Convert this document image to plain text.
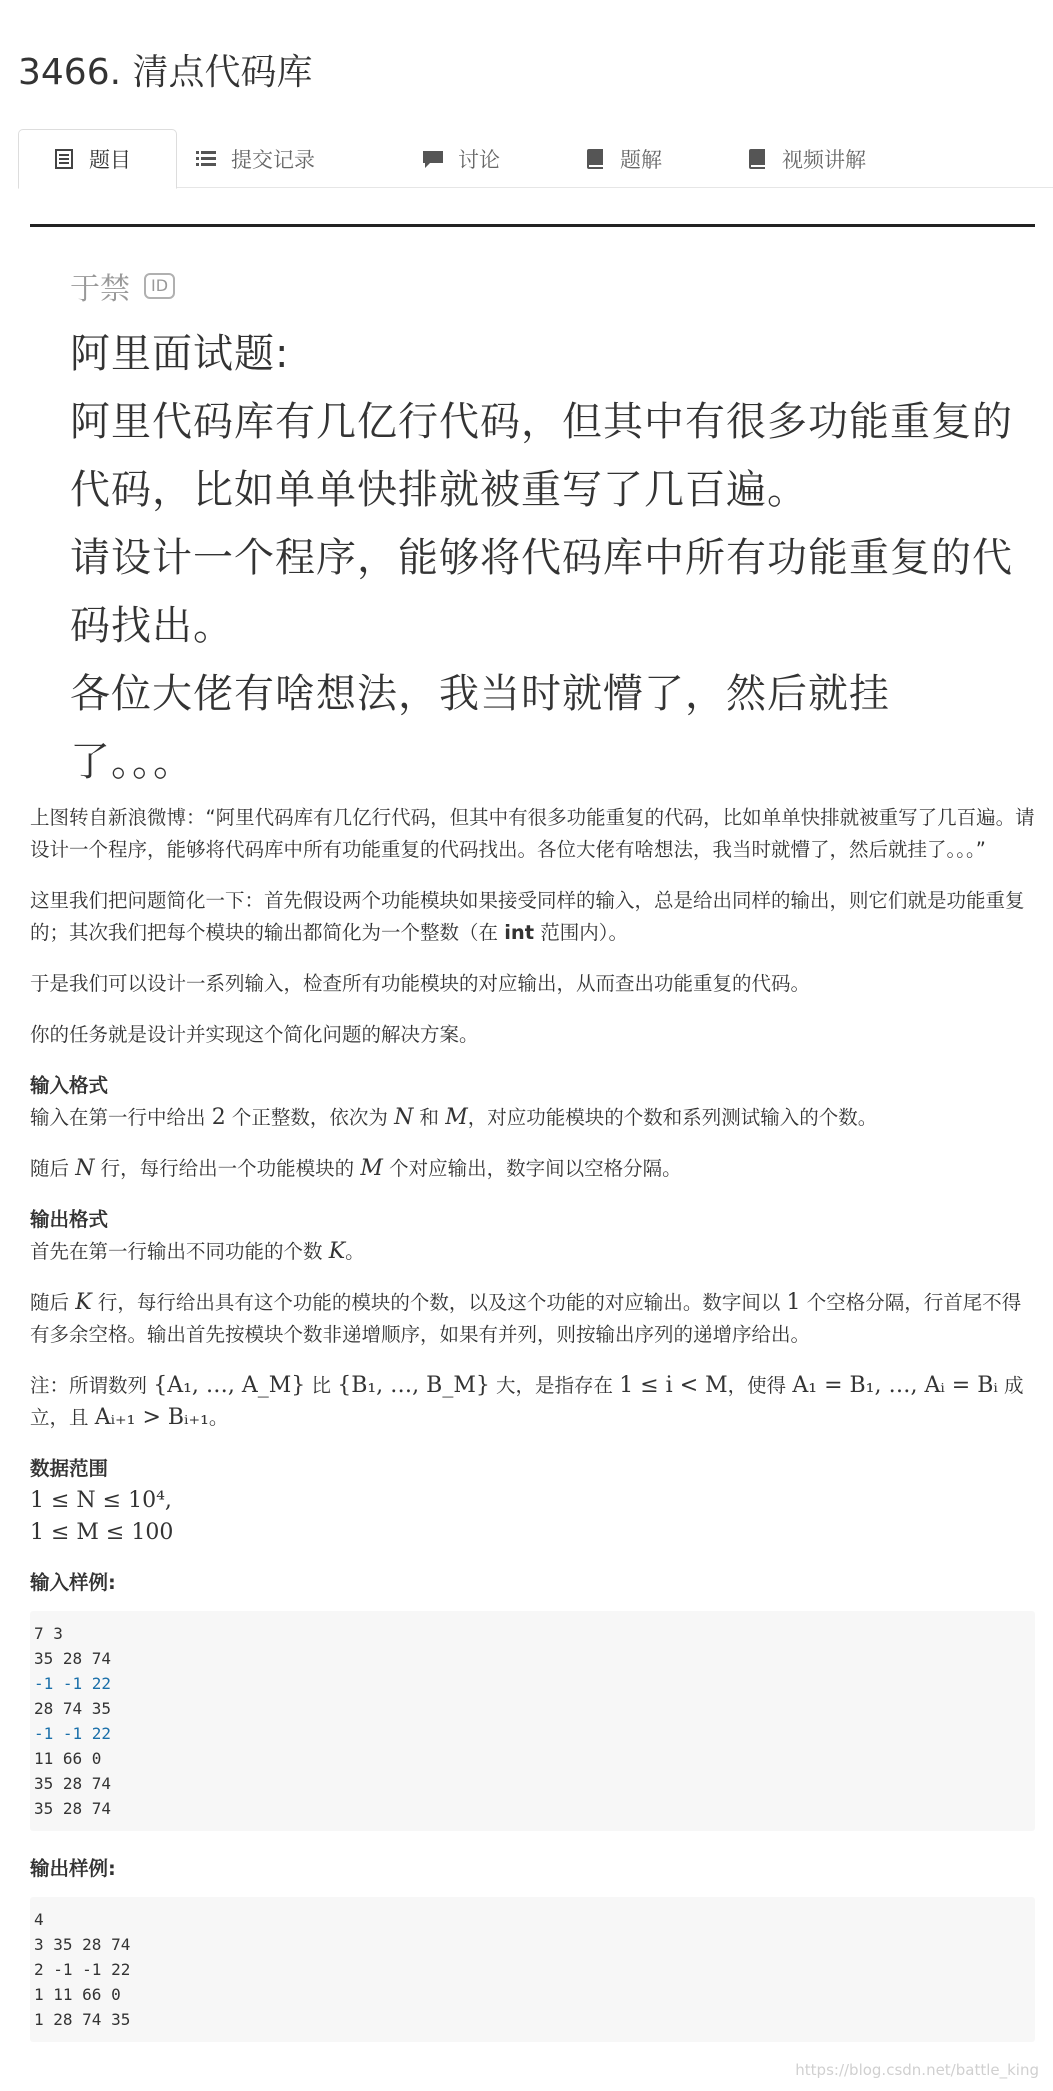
3466. 清点代码库
题目	提交记录	讨论	题解	视频讲解
于禁	ID
阿里面试题:
阿里代码库有几亿行代码，但其中有很多功能重复的
代码，比如单单快排就被重写了几百遍。
请设计一个程序，能够将代码库中所有功能重复的代
码找出。
各位大佬有啥想法，我当时就懵了，然后就挂
了。。。

上图转自新浪微博：“阿里代码库有几亿行代码，但其中有很多功能重复的代码，比如单单快排就被重写了几百遍。请设计一个程序，能够将代码库中所有功能重复的代码找出。各位大佬有啥想法，我当时就懵了，然后就挂了。。。”

这里我们把问题简化一下：首先假设两个功能模块如果接受同样的输入，总是给出同样的输出，则它们就是功能重复的；其次我们把每个模块的输出都简化为一个整数（在 int 范围内）。

于是我们可以设计一系列输入，检查所有功能模块的对应输出，从而查出功能重复的代码。

你的任务就是设计并实现这个简化问题的解决方案。

输入格式

输入在第一行中给出 2 个正整数，依次为 N 和 M，对应功能模块的个数和系列测试输入的个数。

随后 N 行，每行给出一个功能模块的 M 个对应输出，数字间以空格分隔。

输出格式

首先在第一行输出不同功能的个数 K。

随后 K 行，每行给出具有这个功能的模块的个数，以及这个功能的对应输出。数字间以 1 个空格分隔，行首尾不得有多余空格。输出首先按模块个数非递增顺序，如果有并列，则按输出序列的递增序给出。

注：所谓数列 {A₁, …, A_M} 比 {B₁, …, B_M} 大，是指存在 1 ≤ i < M，使得 A₁ = B₁, …, Aᵢ = Bᵢ 成立，且 Aᵢ₊₁ > Bᵢ₊₁。

数据范围
1 ≤ N ≤ 10⁴,
1 ≤ M ≤ 100
输入样例:
7 3
35 28 74
-1 -1 22
28 74 35
-1 -1 22
11 66 0
35 28 74
35 28 74
输出样例:
4
3 35 28 74
2 -1 -1 22
1 11 66 0
1 28 74 35
https://blog.csdn.net/battle_king
